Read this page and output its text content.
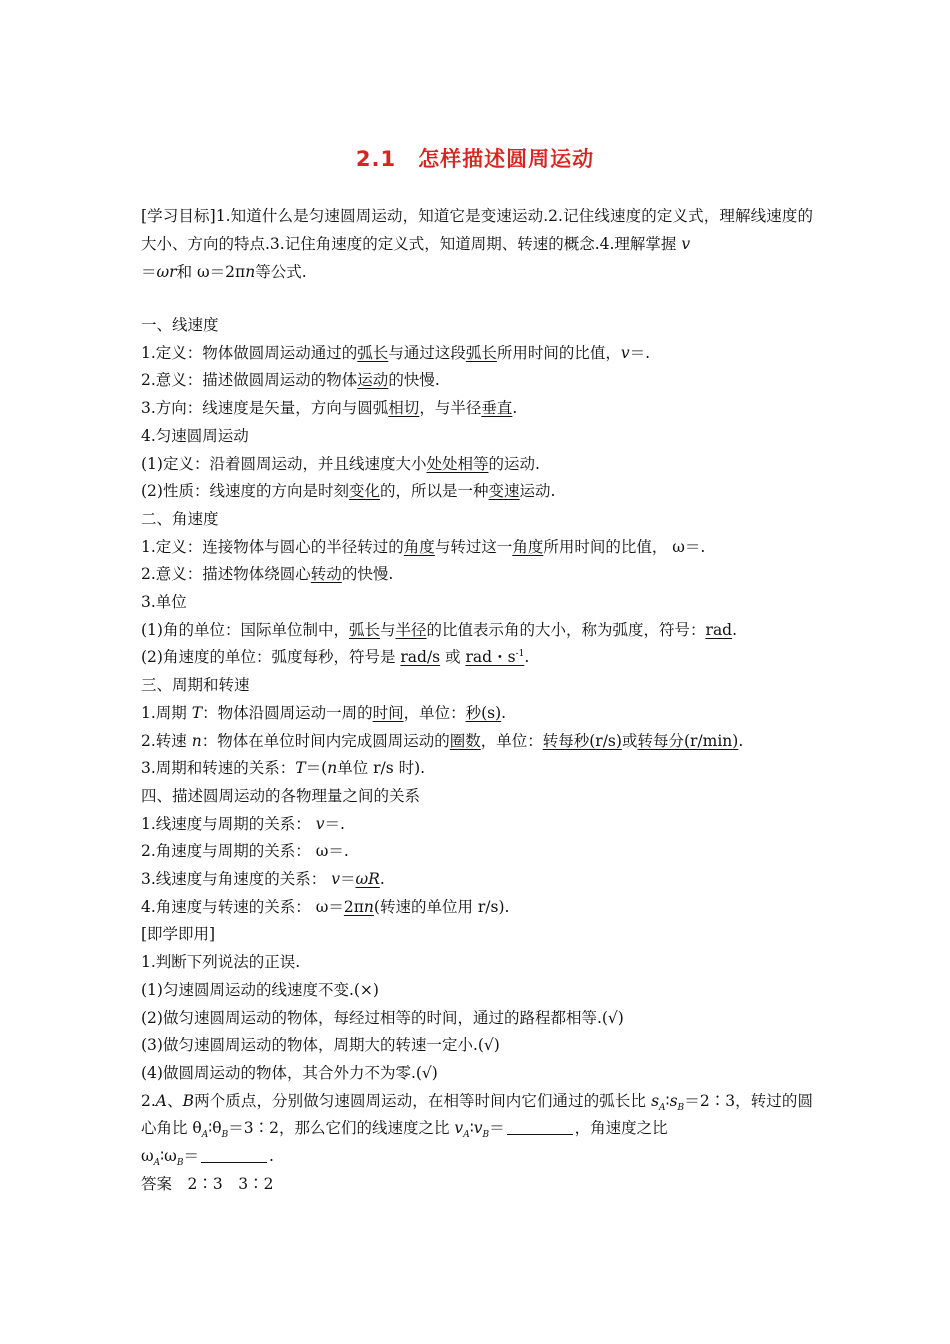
2.1 怎样描述圆周运动
[学习目标]1.知道什么是匀速圆周运动，知道它是变速运动.2.记住线速度的定义式，理解线速度的大小、方向的特点.3.记住角速度的定义式，知道周期、转速的概念.4.理解掌握 v
＝ωr和 ω＝2πn等公式.
一、线速度
1.定义：物体做圆周运动通过的弧长与通过这段弧长所用时间的比值，v＝.
2.意义：描述做圆周运动的物体运动的快慢.
3.方向：线速度是矢量，方向与圆弧相切，与半径垂直.
4.匀速圆周运动
(1)定义：沿着圆周运动，并且线速度大小处处相等的运动.
(2)性质：线速度的方向是时刻变化的，所以是一种变速运动.
二、角速度
1.定义：连接物体与圆心的半径转过的角度与转过这一角度所用时间的比值， ω＝.
2.意义：描述物体绕圆心转动的快慢.
3.单位
(1)角的单位：国际单位制中，弧长与半径的比值表示角的大小，称为弧度，符号：rad.
(2)角速度的单位：弧度每秒，符号是 rad/s 或 rad・$s^{-1}$.
三、周期和转速
1.周期 T：物体沿圆周运动一周的时间，单位：秒(s).
2.转速 n：物体在单位时间内完成圆周运动的圈数，单位：转每秒(r/s)或转每分(r/min).
3.周期和转速的关系：T＝(n单位 r/s 时).
四、描述圆周运动的各物理量之间的关系
1.线速度与周期的关系： v＝.
2.角速度与周期的关系： ω＝.
3.线速度与角速度的关系： v＝ωR.
4.角速度与转速的关系： ω＝2πn(转速的单位用 r/s).
[即学即用]
1.判断下列说法的正误.
(1)匀速圆周运动的线速度不变.(×)
(2)做匀速圆周运动的物体，每经过相等的时间，通过的路程都相等.(√)
(3)做匀速圆周运动的物体，周期大的转速一定小.(√)
(4)做圆周运动的物体，其合外力不为零.(√)
2.A、B两个质点，分别做匀速圆周运动，在相等时间内它们通过的弧长比 $s_A∶s_B=2∶3$，转过的圆心角比 $\theta_A∶\theta_B=3∶2$，那么它们的线速度之比 $v_A∶v_B=$	，角速度之比
$\omega_A∶\omega_B=$	.
答案　2∶3　3∶2
